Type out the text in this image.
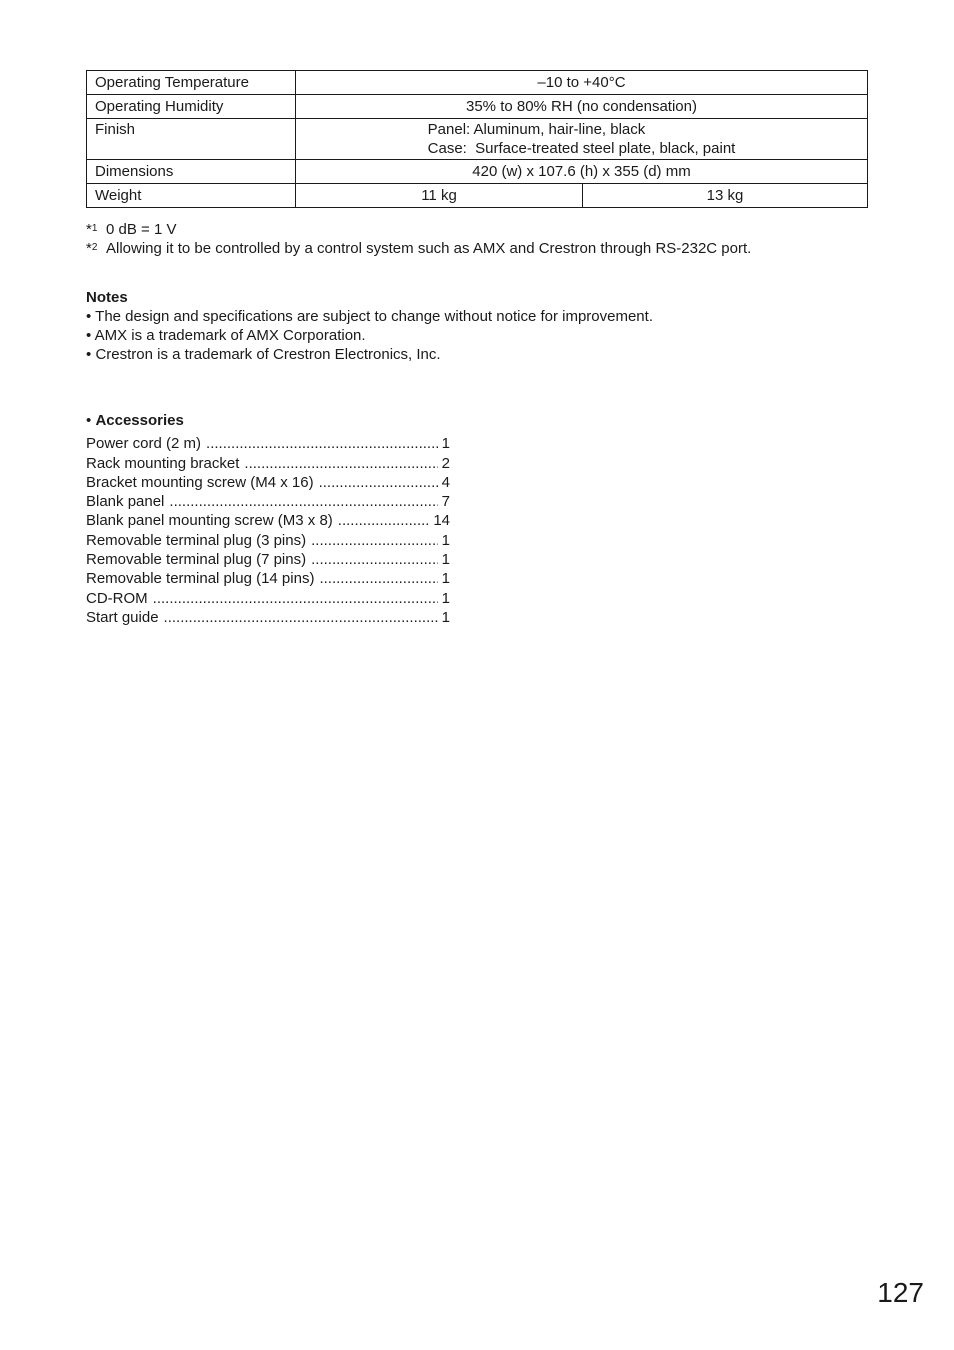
Operating Temperature	–10 to +40°C	
Operating Humidity	35% to 80% RH (no condensation)	
Finish	Panel: Aluminum, hair-line, black
Case:  Surface-treated steel plate, black, paint	

Dimensions	420 (w) x 107.6 (h) x 355 (d) mm	
Weight	11 kg	13 kg
*$^1$ 0 dB = 1 V
*$^2$ Allowing it to be controlled by a control system such as AMX and Crestron through RS-232C port.
Notes
• The design and specifications are subject to change without notice for improvement.
• AMX is a trademark of AMX Corporation.
• Crestron is a trademark of Crestron Electronics, Inc.
• Accessories
Power cord (2 m) .....	1
Rack mounting bracket .....	2
Bracket mounting screw (M4 x 16) .....	4
Blank panel .....	7
Blank panel mounting screw (M3 x 8) .....	14
Removable terminal plug (3 pins) .....	1
Removable terminal plug (7 pins) .....	1
Removable terminal plug (14 pins) .....	1
CD-ROM .....	1
Start guide .....	1
127
